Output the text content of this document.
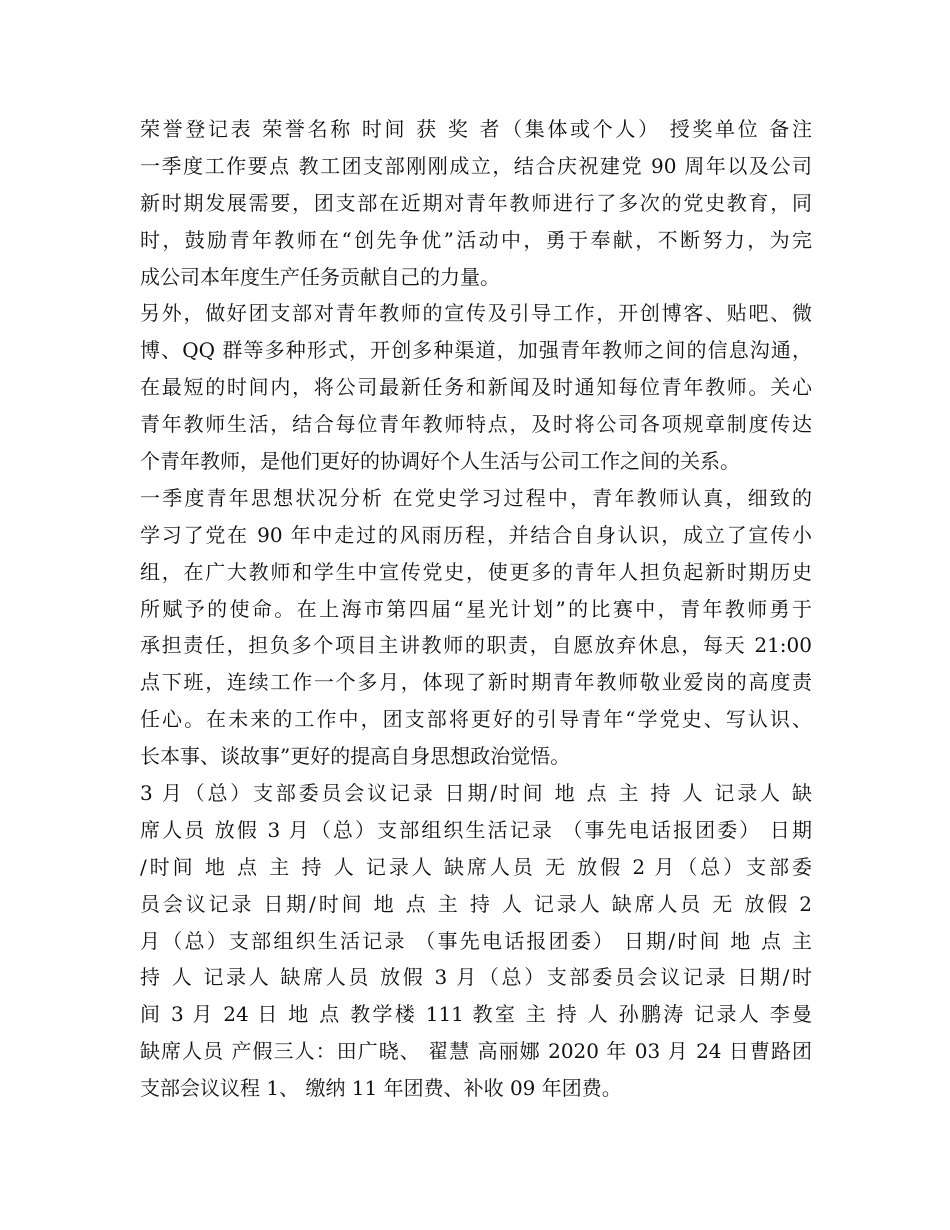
荣誉登记表 荣誉名称 时间 获 奖 者（集体或个人） 授奖单位 备注
一季度工作要点 教工团支部刚刚成立，结合庆祝建党 90 周年以及公司
新时期发展需要，团支部在近期对青年教师进行了多次的党史教育，同
时，鼓励青年教师在“创先争优”活动中，勇于奉献，不断努力，为完
成公司本年度生产任务贡献自己的力量。
另外，做好团支部对青年教师的宣传及引导工作，开创博客、贴吧、微
博、QQ 群等多种形式，开创多种渠道，加强青年教师之间的信息沟通，
在最短的时间内，将公司最新任务和新闻及时通知每位青年教师。关心
青年教师生活，结合每位青年教师特点，及时将公司各项规章制度传达
个青年教师，是他们更好的协调好个人生活与公司工作之间的关系。
一季度青年思想状况分析 在党史学习过程中，青年教师认真，细致的
学习了党在 90 年中走过的风雨历程，并结合自身认识，成立了宣传小
组，在广大教师和学生中宣传党史，使更多的青年人担负起新时期历史
所赋予的使命。在上海市第四届“星光计划”的比赛中，青年教师勇于
承担责任，担负多个项目主讲教师的职责，自愿放弃休息，每天 21:00
点下班，连续工作一个多月，体现了新时期青年教师敬业爱岗的高度责
任心。在未来的工作中，团支部将更好的引导青年“学党史、写认识、
长本事、谈故事”更好的提高自身思想政治觉悟。
3 月（总）支部委员会议记录 日期/时间 地 点 主 持 人 记录人 缺
席人员 放假 3 月（总）支部组织生活记录 （事先电话报团委） 日期
/时间 地 点 主 持 人 记录人 缺席人员 无 放假 2 月（总）支部委
员会议记录 日期/时间 地 点 主 持 人 记录人 缺席人员 无 放假 2
月（总）支部组织生活记录 （事先电话报团委） 日期/时间 地 点 主
持 人 记录人 缺席人员 放假 3 月（总）支部委员会议记录 日期/时
间 3 月 24 日 地 点 教学楼 111 教室 主 持 人 孙鹏涛 记录人 李曼
缺席人员 产假三人：田广晓、 翟慧 高丽娜 2020 年 03 月 24 日曹路团
支部会议议程 1、 缴纳 11 年团费、补收 09 年团费。
